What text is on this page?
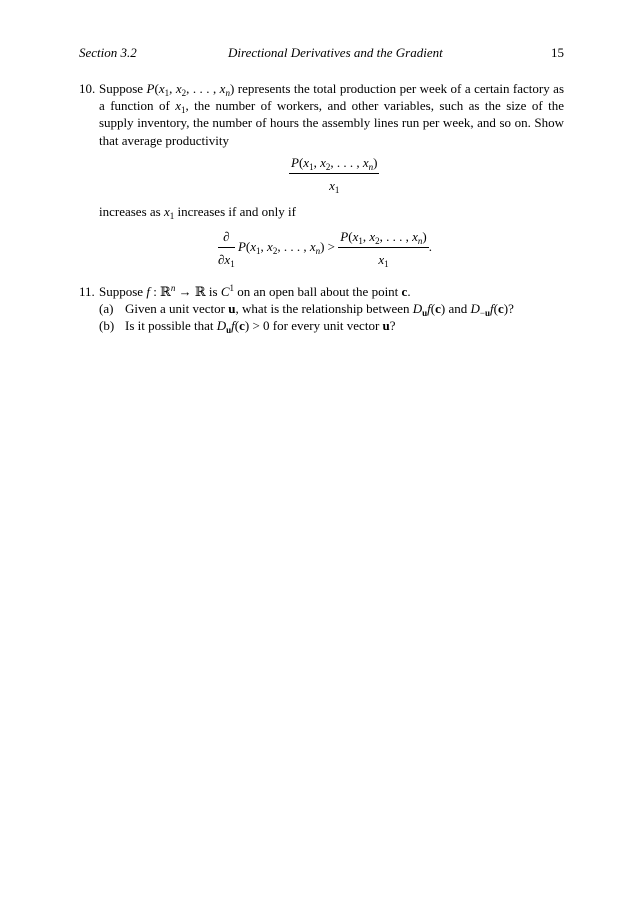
Section 3.2	Directional Derivatives and the Gradient	15
10. Suppose $P(x_1$, $x_2$, . . . , $x_n$) represents the total production per week of a certain factory as a function of $x_1$, the number of workers, and other variables, such as the size of the supply inventory, the number of hours the assembly lines run per week, and so on. Show that average productivity

$\frac{P(x_1, x_2, . . . , x_n)}{x_1}$

increases as $x_1$ increases if and only if

∂
$\partial x_1$
$P(x_1$, $x_2$, . . . , $x_n) > \frac{P(x_1, x_2, . . . , x_n)}{x_1}$ .
11. Suppose f : ℝ$^n$ → ℝ is $C^1$ on an open ball about the point c.

(a) Given a unit vector u, what is the relationship between $D_uf(c)$ and $D_{-u}f(c)$?

(b) Is it possible that $D_uf(c) > 0$ for every unit vector u?
